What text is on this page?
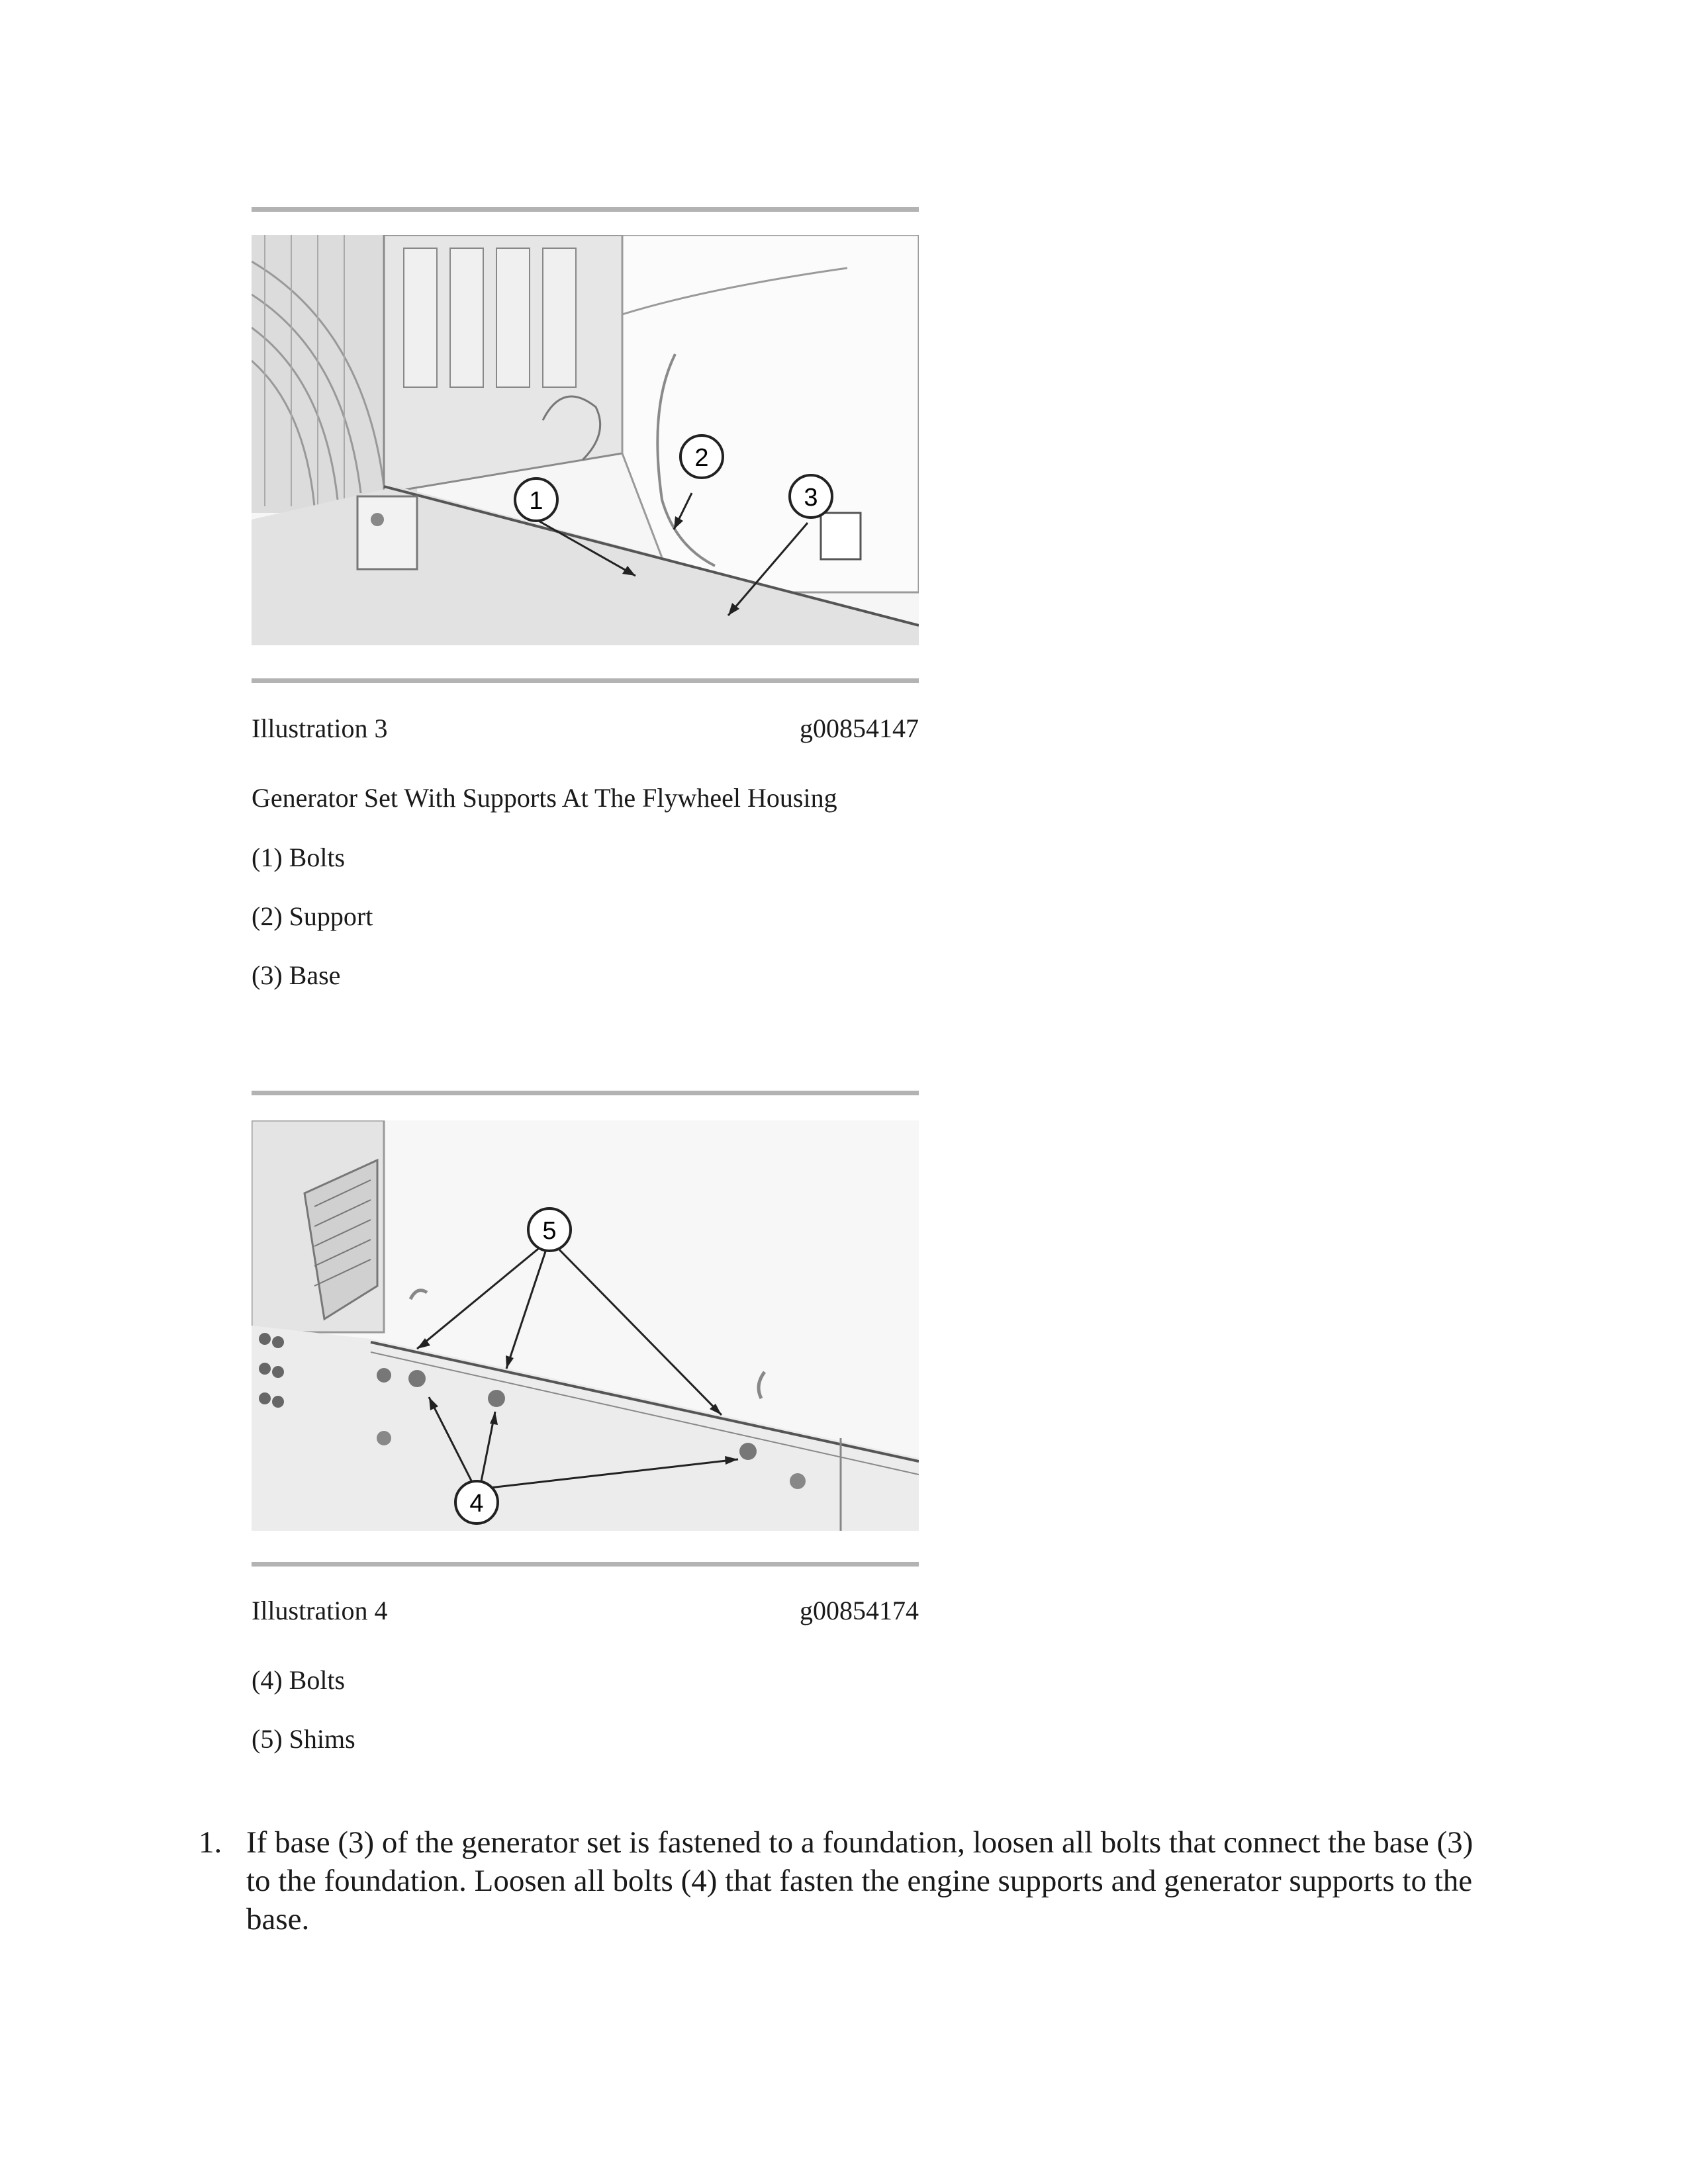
1
2
3
Illustration 3	g00854147
Generator Set With Supports At The Flywheel Housing
(1) Bolts
(2) Support
(3) Base
5
4
Illustration 4	g00854174
(4) Bolts
(5) Shims
1. If base (3) of the generator set is fastened to a foundation, loosen all bolts that connect the base (3) to the foundation. Loosen all bolts (4) that fasten the engine supports and generator supports to the base.
